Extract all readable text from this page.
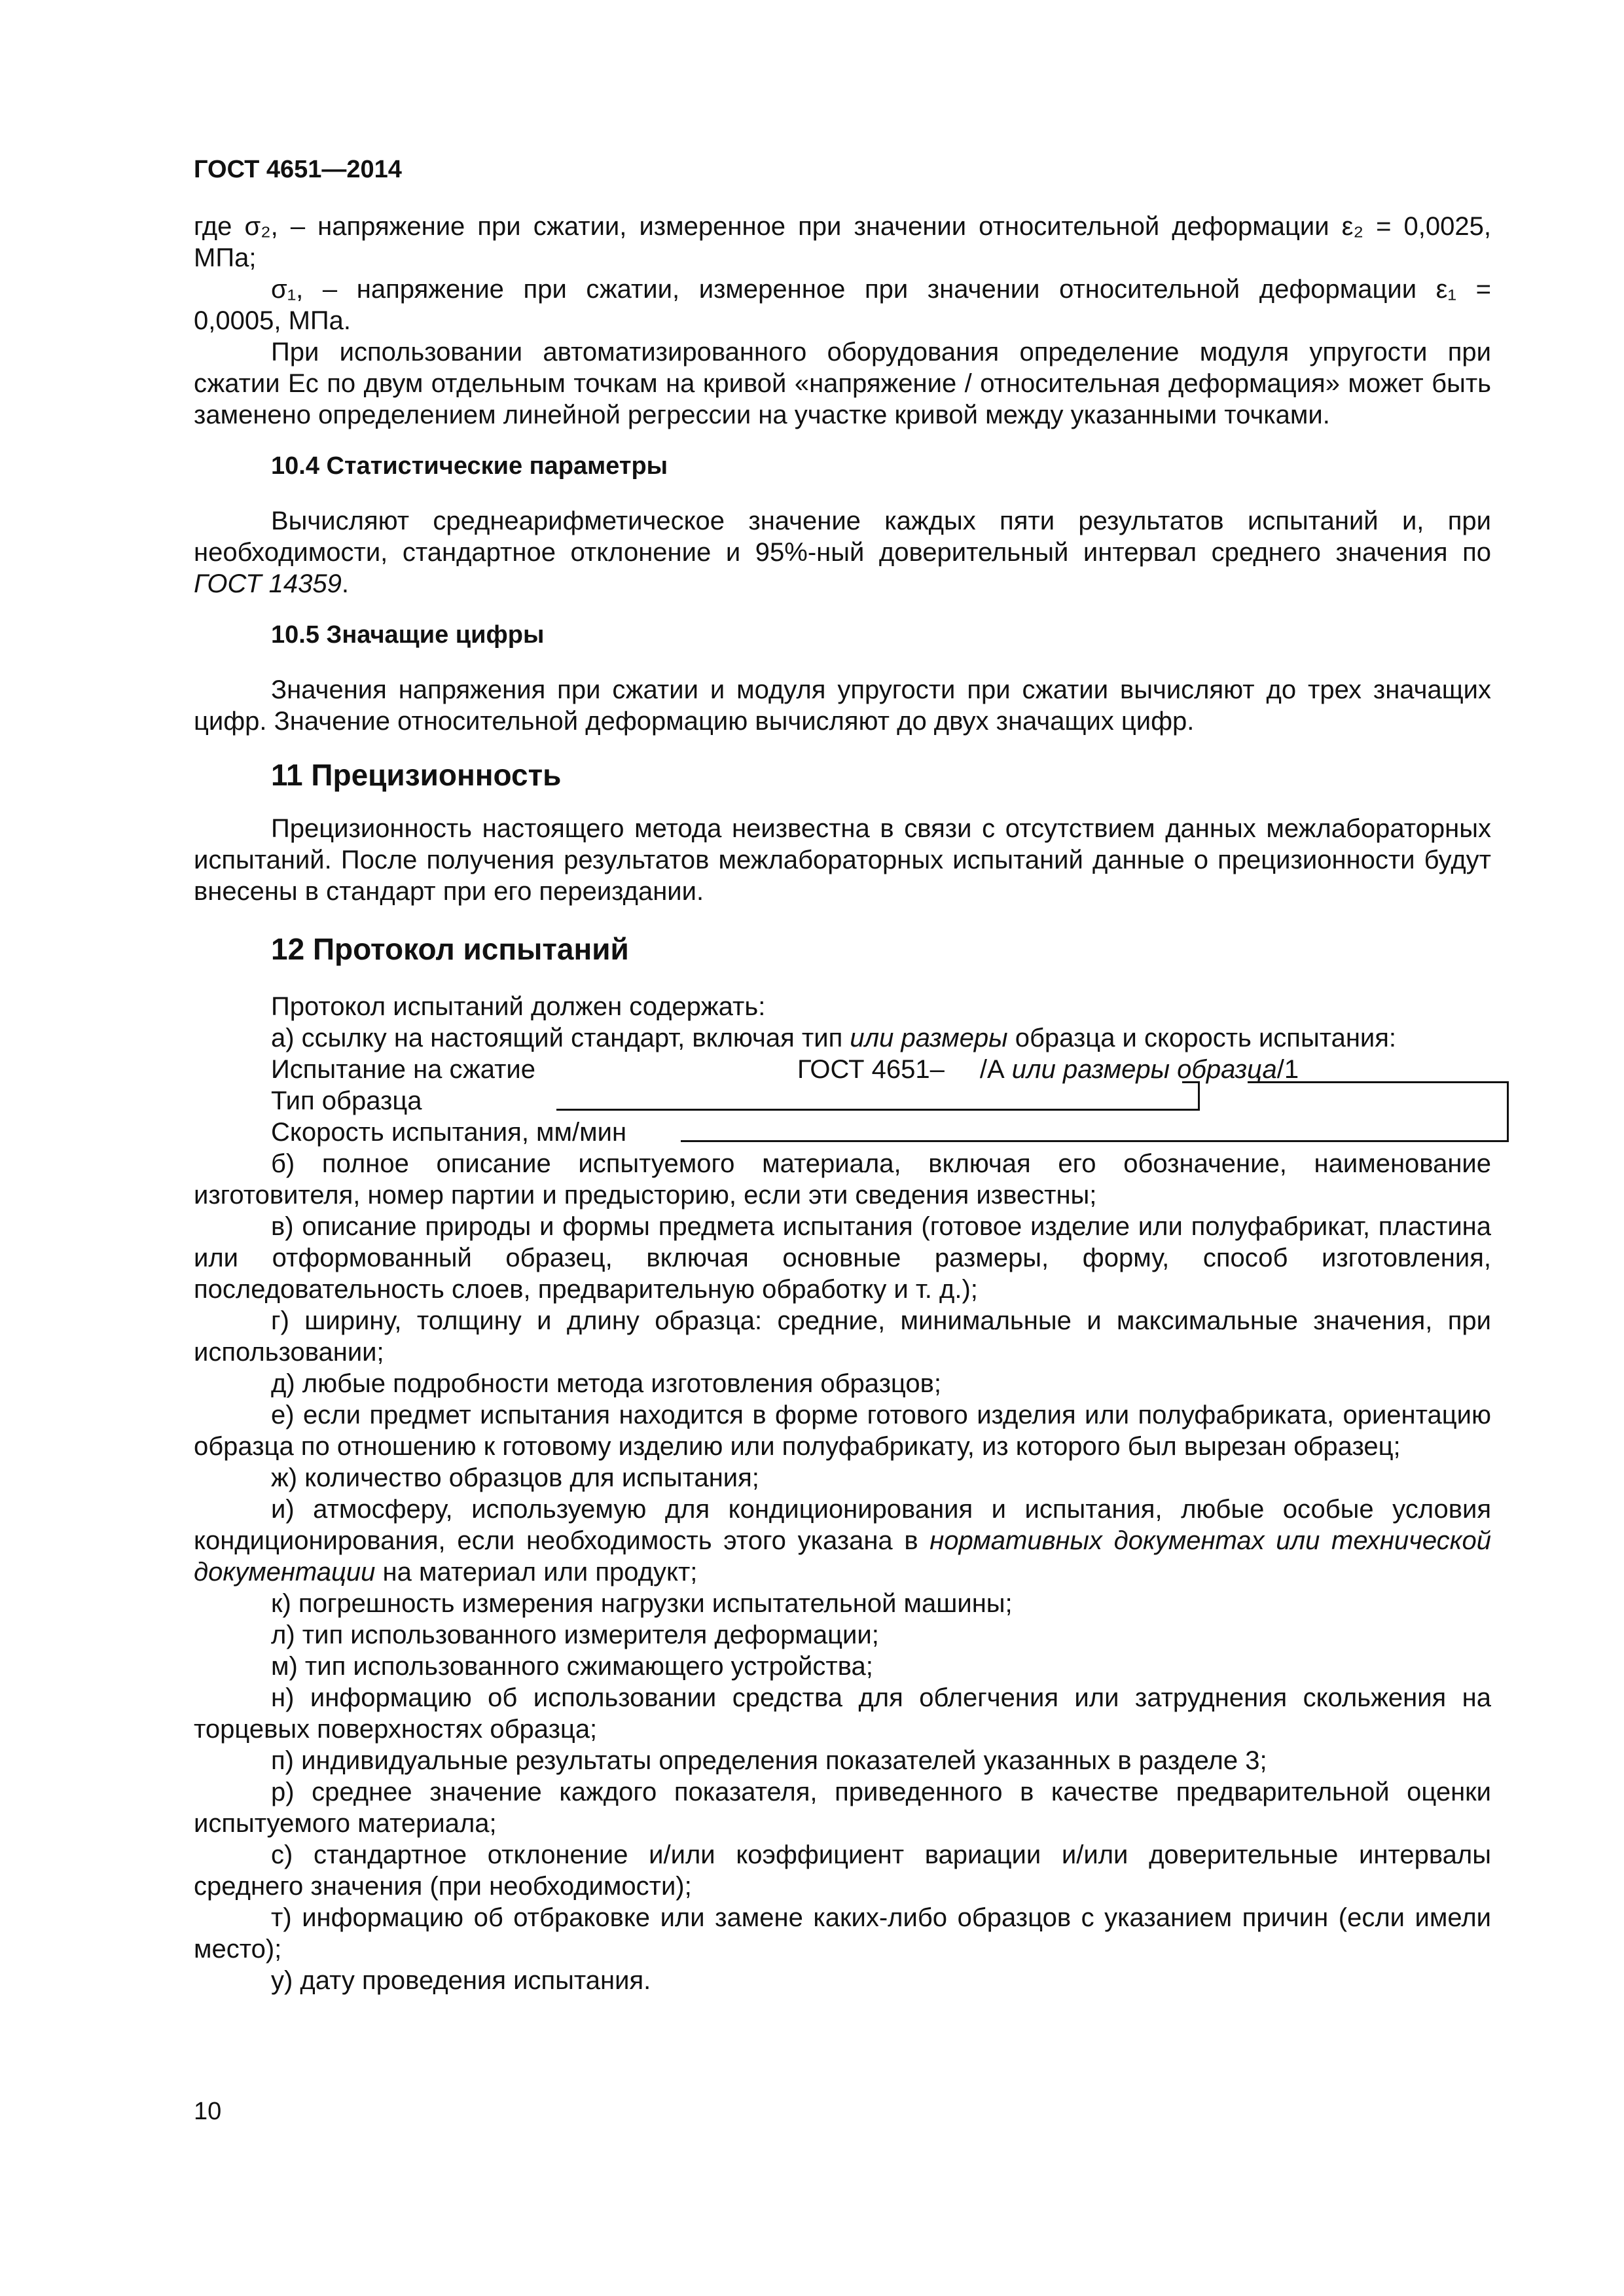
ГОСТ 4651—2014

где σ₂, – напряжение при сжатии, измеренное при значении относительной деформации ε₂ = 0,0025, МПа;

σ₁, – напряжение при сжатии, измеренное при значении относительной деформации ε₁ =

0,0005, МПа.

При использовании автоматизированного оборудования определение модуля упругости при сжатии Eс по двум отдельным точкам на кривой «напряжение / относительная деформация» может быть заменено определением линейной регрессии на участке кривой между указанными точками.

10.4 Статистические параметры

Вычисляют среднеарифметическое значение каждых пяти результатов испытаний и, при необходимости, стандартное отклонение и 95%-ный доверительный интервал среднего значения по ГОСТ 14359.

10.5 Значащие цифры

Значения напряжения при сжатии и модуля упругости при сжатии вычисляют до трех значащих цифр. Значение относительной деформацию вычисляют до двух значащих цифр.

11 Прецизионность

Прецизионность настоящего метода неизвестна в связи с отсутствием данных межлабораторных испытаний. После получения результатов межлабораторных испытаний данные о прецизионности будут внесены в стандарт при его переиздании.

12 Протокол испытаний

Протокол испытаний должен содержать:

а) ссылку на настоящий стандарт, включая тип или размеры образца и скорость испытания:

Испытание на сжатие	ГОСТ 4651– /А или размеры образца/1
Тип образца
Скорость испытания, мм/мин

б) полное описание испытуемого материала, включая его обозначение, наименование изготовителя, номер партии и предысторию, если эти сведения известны;

в) описание природы и формы предмета испытания (готовое изделие или полуфабрикат, пластина или отформованный образец, включая основные размеры, форму, способ изготовления, последовательность слоев, предварительную обработку и т. д.);

г) ширину, толщину и длину образца: средние, минимальные и максимальные значения, при использовании;

д) любые подробности метода изготовления образцов;

е) если предмет испытания находится в форме готового изделия или полуфабриката, ориентацию образца по отношению к готовому изделию или полуфабрикату, из которого был вырезан образец;

ж) количество образцов для испытания;

и) атмосферу, используемую для кондиционирования и испытания, любые особые условия кондиционирования, если необходимость этого указана в нормативных документах или технической документации на материал или продукт;

к) погрешность измерения нагрузки испытательной машины;

л) тип использованного измерителя деформации;

м) тип использованного сжимающего устройства;

н) информацию об использовании средства для облегчения или затруднения скольжения на торцевых поверхностях образца;

п) индивидуальные результаты определения показателей указанных в разделе 3;

р) среднее значение каждого показателя, приведенного в качестве предварительной оценки испытуемого материала;

с) стандартное отклонение и/или коэффициент вариации и/или доверительные интервалы среднего значения (при необходимости);

т) информацию об отбраковке или замене каких-либо образцов с указанием причин (если имели место);

у) дату проведения испытания.

10
